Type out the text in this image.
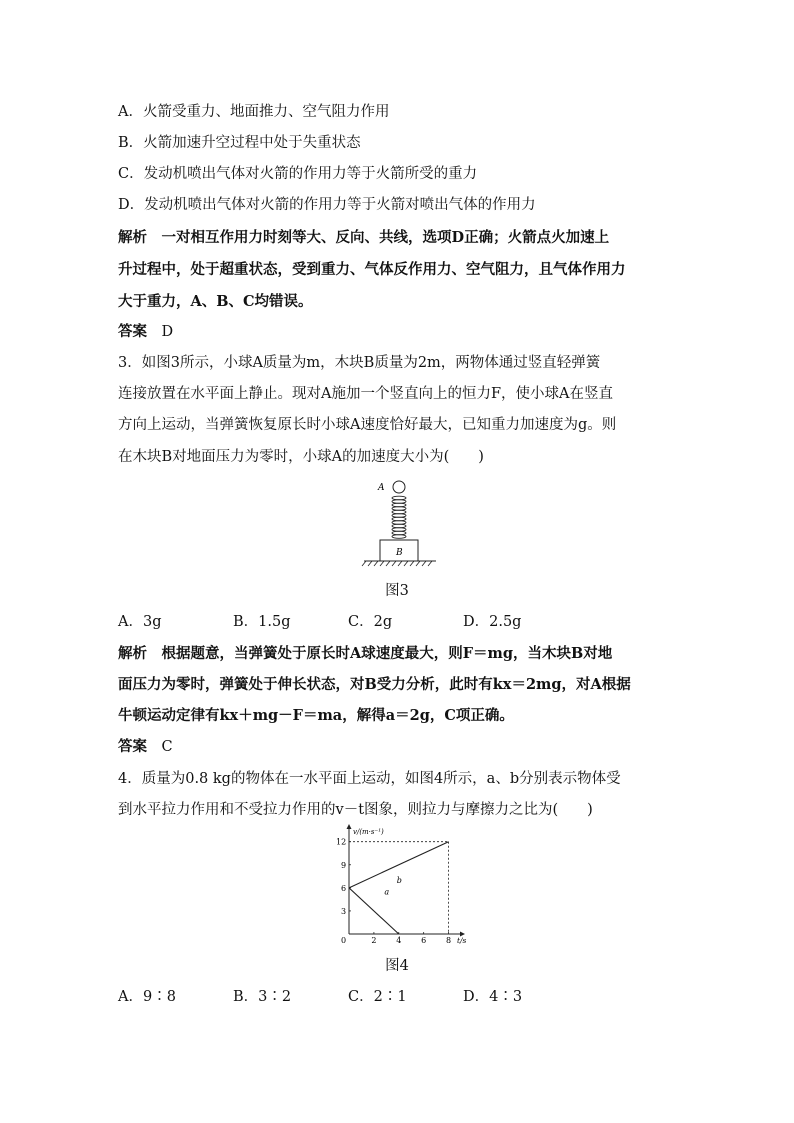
A．火箭受重力、地面推力、空气阻力作用

B．火箭加速升空过程中处于失重状态

C．发动机喷出气体对火箭的作用力等于火箭所受的重力

D．发动机喷出气体对火箭的作用力等于火箭对喷出气体的作用力

解析　 一对相互作用力时刻等大、反向、共线，选项D正确；火箭点火加速上

升过程中，处于超重状态，受到重力、气体反作用力、空气阻力，且气体作用力

大于重力，A、B、C均错误。

答案　 D

3．如图3所示，小球A质量为m，木块B质量为2m，两物体通过竖直轻弹簧

连接放置在水平面上静止。现对A施加一个竖直向上的恒力F，使小球A在竖直

方向上运动，当弹簧恢复原长时小球A速度恰好最大，已知重力加速度为g。则

在木块B对地面压力为零时，小球A的加速度大小为(　　)

A
B
图3

A．3g	B．1.5g	C．2g	D．2.5g

解析　 根据题意，当弹簧处于原长时A球速度最大，则F＝mg，当木块B对地

面压力为零时，弹簧处于伸长状态，对B受力分析，此时有kx＝2mg，对A根据

牛顿运动定律有kx＋mg－F＝ma，解得a＝2g，C项正确。

答案　 C

4．质量为0.8 kg的物体在一水平面上运动，如图4所示，a、b分别表示物体受

到水平拉力作用和不受拉力作用的v－t图象，则拉力与摩擦力之比为(　　)

v/(m·s⁻¹)
t/s
0	2 4 6 8
3
6
9
12
a
b
图4

A．9∶8	B．3∶2	C．2∶1	D．4∶3
